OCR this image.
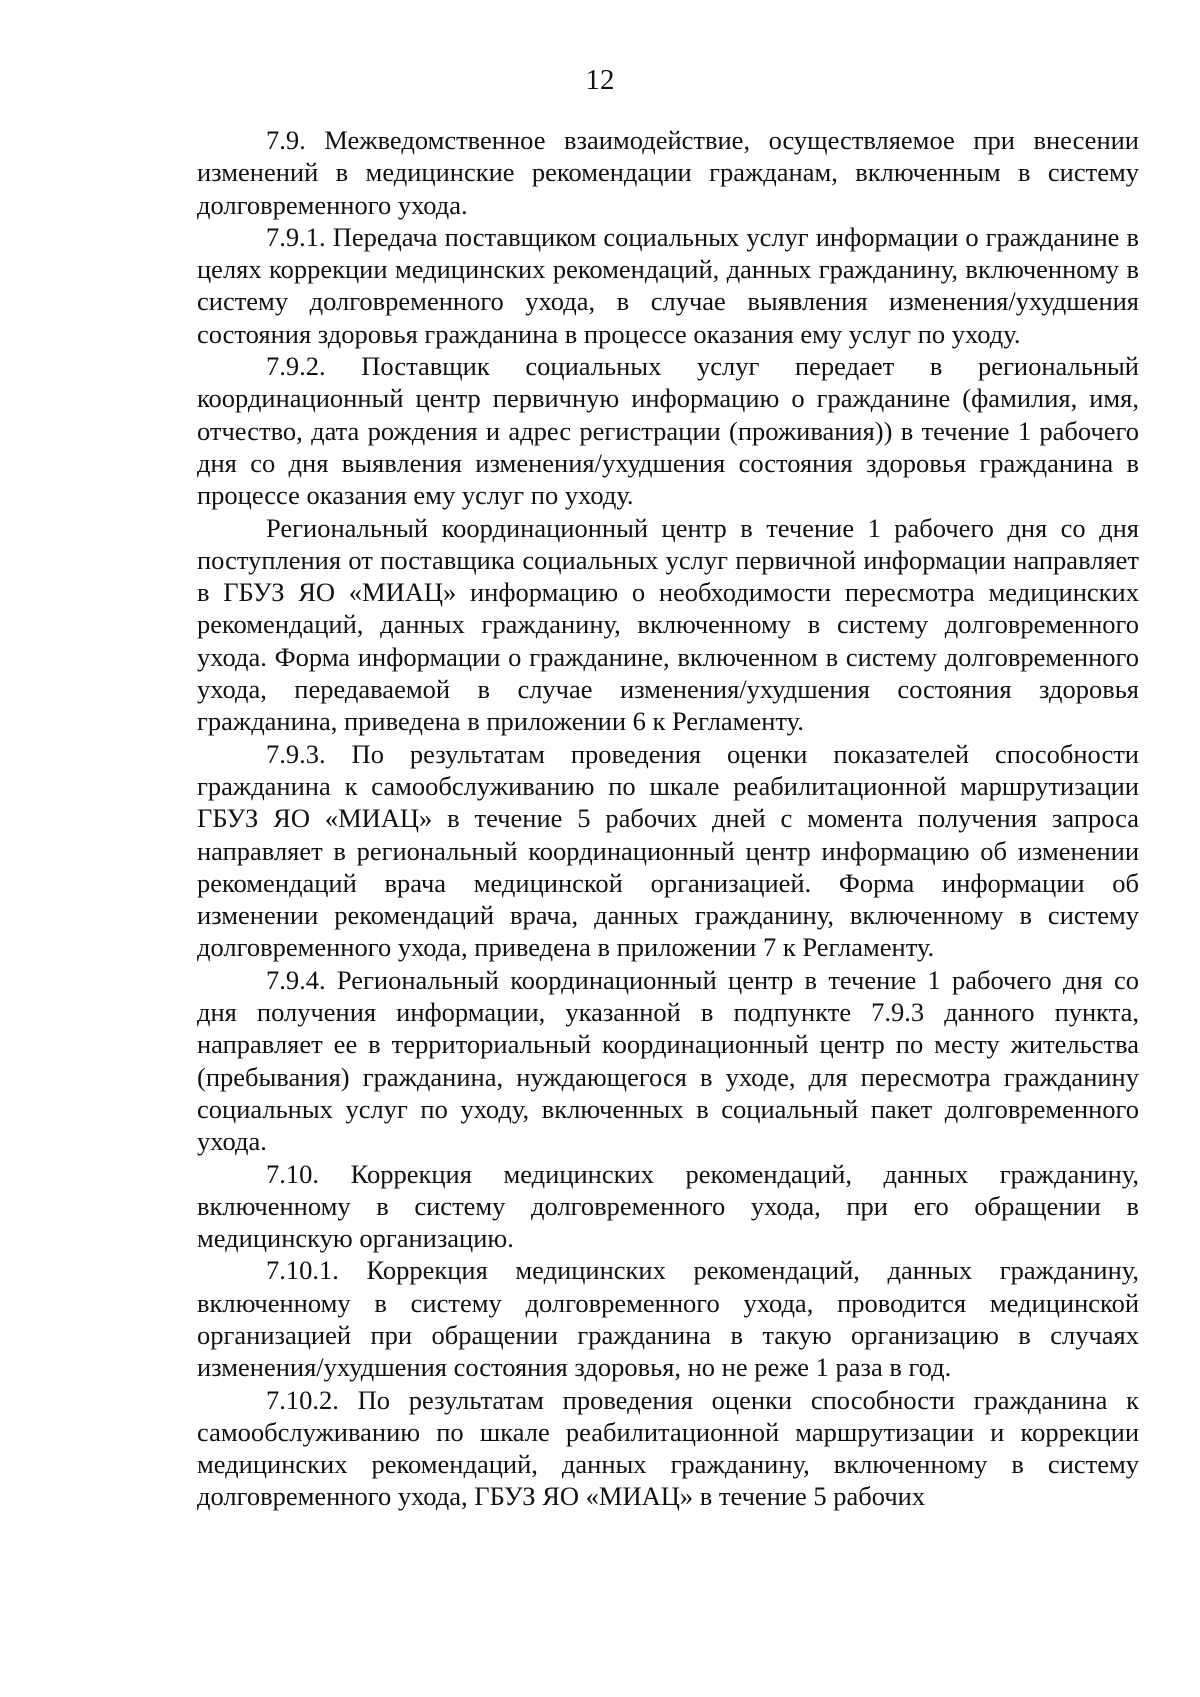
12

7.9. Межведомственное взаимодействие, осуществляемое при внесении изменений в медицинские рекомендации гражданам, включенным в систему долговременного ухода.

7.9.1. Передача поставщиком социальных услуг информации о гражданине в целях коррекции медицинских рекомендаций, данных гражданину, включенному в систему долговременного ухода, в случае выявления изменения/ухудшения состояния здоровья гражданина в процессе оказания ему услуг по уходу.

7.9.2. Поставщик социальных услуг передает в региональный координационный центр первичную информацию о гражданине (фамилия, имя, отчество, дата рождения и адрес регистрации (проживания)) в течение 1 рабочего дня со дня выявления изменения/ухудшения состояния здоровья гражданина в процессе оказания ему услуг по уходу.

Региональный координационный центр в течение 1 рабочего дня со дня поступления от поставщика социальных услуг первичной информации направляет в ГБУЗ ЯО «МИАЦ» информацию о необходимости пересмотра медицинских рекомендаций, данных гражданину, включенному в систему долговременного ухода. Форма информации о гражданине, включенном в систему долговременного ухода, передаваемой в случае изменения/ухудшения состояния здоровья гражданина, приведена в приложении 6 к Регламенту.

7.9.3. По результатам проведения оценки показателей способности гражданина к самообслуживанию по шкале реабилитационной маршрутизации ГБУЗ ЯО «МИАЦ» в течение 5 рабочих дней с момента получения запроса направляет в региональный координационный центр информацию об изменении рекомендаций врача медицинской организацией. Форма информации об изменении рекомендаций врача, данных гражданину, включенному в систему долговременного ухода, приведена в приложении 7 к Регламенту.

7.9.4. Региональный координационный центр в течение 1 рабочего дня со дня получения информации, указанной в подпункте 7.9.3 данного пункта, направляет ее в территориальный координационный центр по месту жительства (пребывания) гражданина, нуждающегося в уходе, для пересмотра гражданину социальных услуг по уходу, включенных в социальный пакет долговременного ухода.

7.10. Коррекция медицинских рекомендаций, данных гражданину, включенному в систему долговременного ухода, при его обращении в медицинскую организацию.

7.10.1. Коррекция медицинских рекомендаций, данных гражданину, включенному в систему долговременного ухода, проводится медицинской организацией при обращении гражданина в такую организацию в случаях изменения/ухудшения состояния здоровья, но не реже 1 раза в год.

7.10.2. По результатам проведения оценки способности гражданина к самообслуживанию по шкале реабилитационной маршрутизации и коррекции медицинских рекомендаций, данных гражданину, включенному в систему долговременного ухода, ГБУЗ ЯО «МИАЦ» в течение 5 рабочих
